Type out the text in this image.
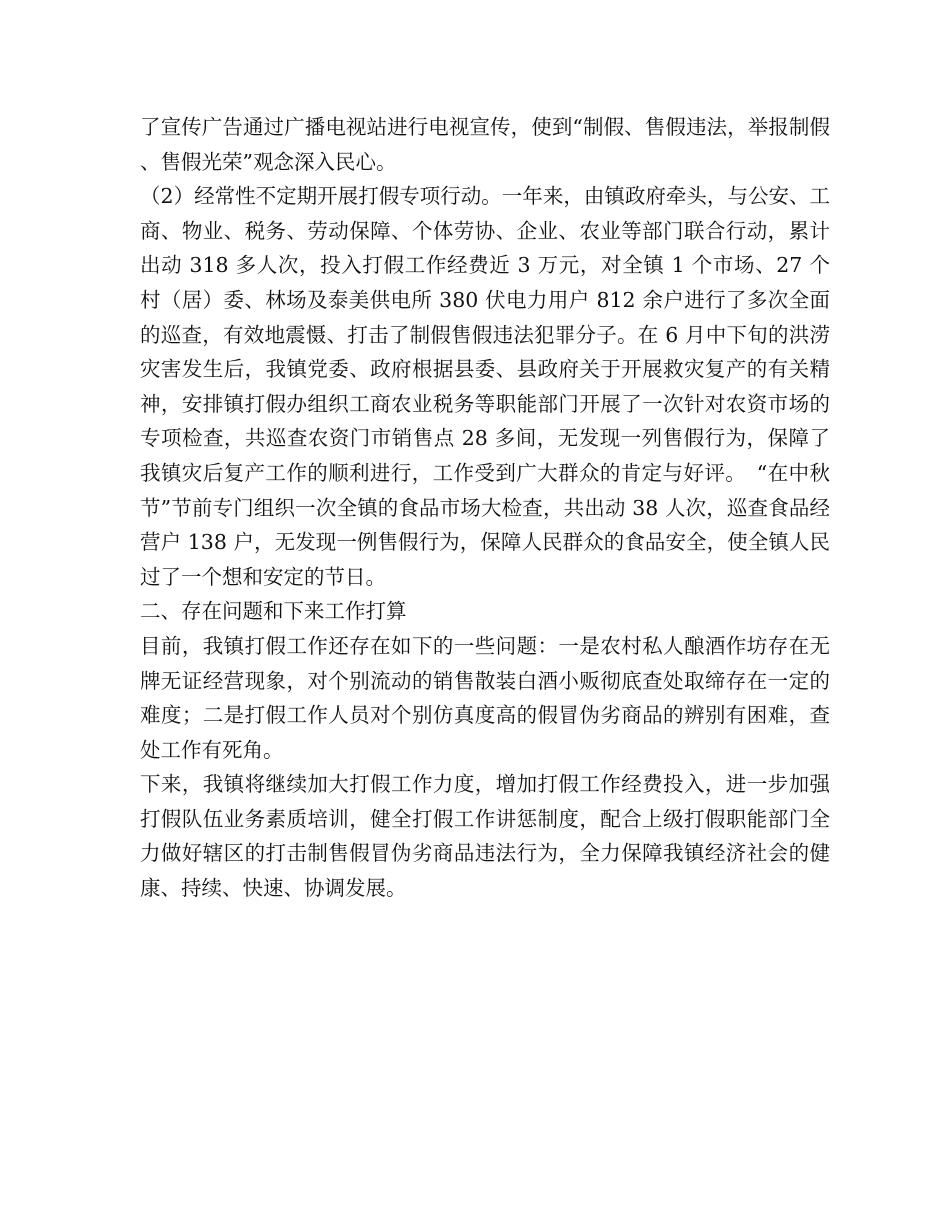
了宣传广告通过广播电视站进行电视宣传，使到“制假、售假违法，举报制假、售假光荣”观念深入民心。

（2）经常性不定期开展打假专项行动。一年来，由镇政府牵头，与公安、工商、物业、税务、劳动保障、个体劳协、企业、农业等部门联合行动，累计出动 318 多人次，投入打假工作经费近 3 万元，对全镇 1 个市场、27 个村（居）委、林场及泰美供电所 380 伏电力用户 812 余户进行了多次全面的巡查，有效地震慑、打击了制假售假违法犯罪分子。在 6 月中下旬的洪涝灾害发生后，我镇党委、政府根据县委、县政府关于开展救灾复产的有关精神，安排镇打假办组织工商农业税务等职能部门开展了一次针对农资市场的专项检查，共巡查农资门市销售点 28 多间，无发现一列售假行为，保障了我镇灾后复产工作的顺利进行，工作受到广大群众的肯定与好评。　“在中秋节”节前专门组织一次全镇的食品市场大检查，共出动 38 人次，巡查食品经营户 138 户，无发现一例售假行为，保障人民群众的食品安全，使全镇人民过了一个想和安定的节日。

二、存在问题和下来工作打算

目前，我镇打假工作还存在如下的一些问题：一是农村私人酿酒作坊存在无牌无证经营现象，对个别流动的销售散装白酒小贩彻底查处取缔存在一定的难度；二是打假工作人员对个别仿真度高的假冒伪劣商品的辨别有困难，查处工作有死角。

下来，我镇将继续加大打假工作力度，增加打假工作经费投入，进一步加强打假队伍业务素质培训，健全打假工作讲惩制度，配合上级打假职能部门全力做好辖区的打击制售假冒伪劣商品违法行为，全力保障我镇经济社会的健康、持续、快速、协调发展。
